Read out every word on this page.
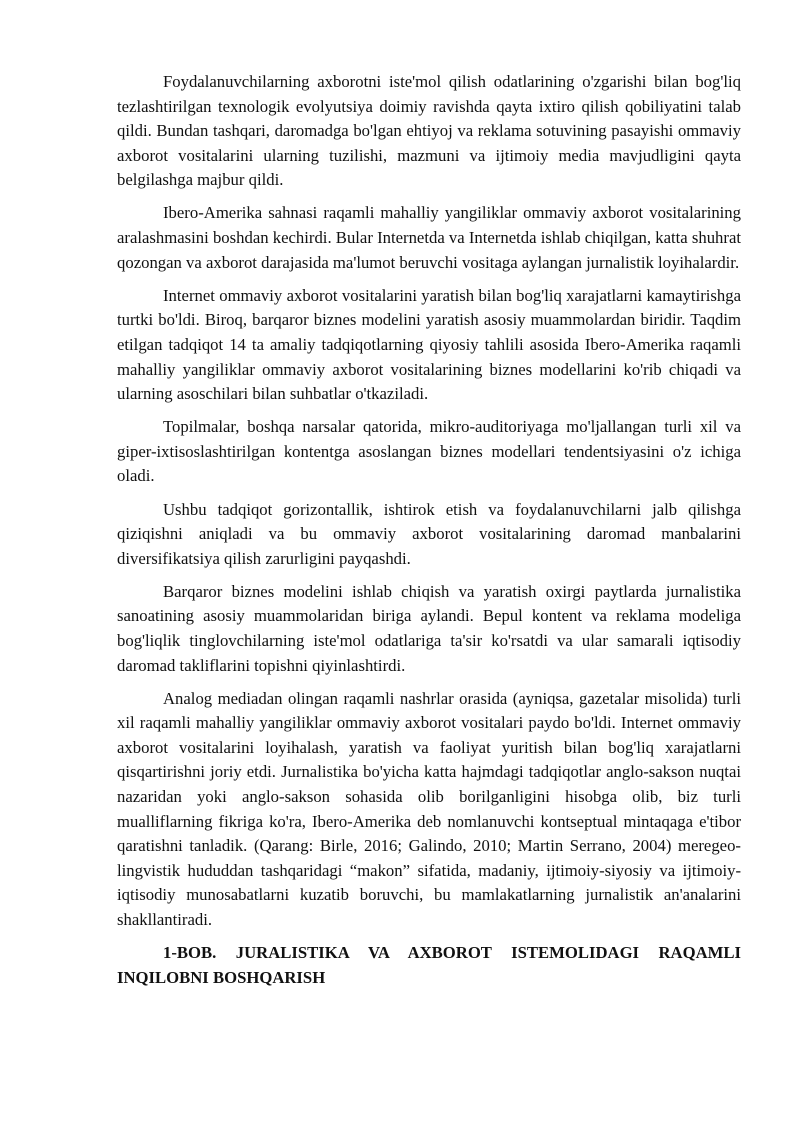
Foydalanuvchilarning axborotni iste'mol qilish odatlarining o'zgarishi bilan bog'liq tezlashtirilgan texnologik evolyutsiya doimiy ravishda qayta ixtiro qilish qobiliyatini talab qildi. Bundan tashqari, daromadga bo'lgan ehtiyoj va reklama sotuvining pasayishi ommaviy axborot vositalarini ularning tuzilishi, mazmuni va ijtimoiy media mavjudligini qayta belgilashga majbur qildi.

Ibero-Amerika sahnasi raqamli mahalliy yangiliklar ommaviy axborot vositalarining aralashmasini boshdan kechirdi. Bular Internetda va Internetda ishlab chiqilgan, katta shuhrat qozongan va axborot darajasida ma'lumot beruvchi vositaga aylangan jurnalistik loyihalardir.

Internet ommaviy axborot vositalarini yaratish bilan bog'liq xarajatlarni kamaytirishga turtki bo'ldi. Biroq, barqaror biznes modelini yaratish asosiy muammolardan biridir. Taqdim etilgan tadqiqot 14 ta amaliy tadqiqotlarning qiyosiy tahlili asosida Ibero-Amerika raqamli mahalliy yangiliklar ommaviy axborot vositalarining biznes modellarini ko'rib chiqadi va ularning asoschilari bilan suhbatlar o'tkaziladi.

Topilmalar, boshqa narsalar qatorida, mikro-auditoriyaga mo'ljallangan turli xil va giper-ixtisoslashtirilgan kontentga asoslangan biznes modellari tendentsiyasini o'z ichiga oladi.

Ushbu tadqiqot gorizontallik, ishtirok etish va foydalanuvchilarni jalb qilishga qiziqishni aniqladi va bu ommaviy axborot vositalarining daromad manbalarini diversifikatsiya qilish zarurligini payqashdi.

Barqaror biznes modelini ishlab chiqish va yaratish oxirgi paytlarda jurnalistika sanoatining asosiy muammolaridan biriga aylandi. Bepul kontent va reklama modeliga bog'liqlik tinglovchilarning iste'mol odatlariga ta'sir ko'rsatdi va ular samarali iqtisodiy daromad takliflarini topishni qiyinlashtirdi.

Analog mediadan olingan raqamli nashrlar orasida (ayniqsa, gazetalar misolida) turli xil raqamli mahalliy yangiliklar ommaviy axborot vositalari paydo bo'ldi. Internet ommaviy axborot vositalarini loyihalash, yaratish va faoliyat yuritish bilan bog'liq xarajatlarni qisqartirishni joriy etdi. Jurnalistika bo'yicha katta hajmdagi tadqiqotlar anglo-sakson nuqtai nazaridan yoki anglo-sakson sohasida olib borilganligini hisobga olib, biz turli mualliflarning fikriga ko'ra, Ibero-Amerika deb nomlanuvchi kontseptual mintaqaga e'tibor qaratishni tanladik. (Qarang: Birle, 2016; Galindo, 2010; Martin Serrano, 2004) meregeo-lingvistik hududdan tashqaridagi “makon” sifatida, madaniy, ijtimoiy-siyosiy va ijtimoiy-iqtisodiy munosabatlarni kuzatib boruvchi, bu mamlakatlarning jurnalistik an'analarini shakllantiradi.

1-BOB. JURALISTIKA VA AXBOROT ISTEMOLIDAGI RAQAMLI INQILOBNI BOSHQARISH
